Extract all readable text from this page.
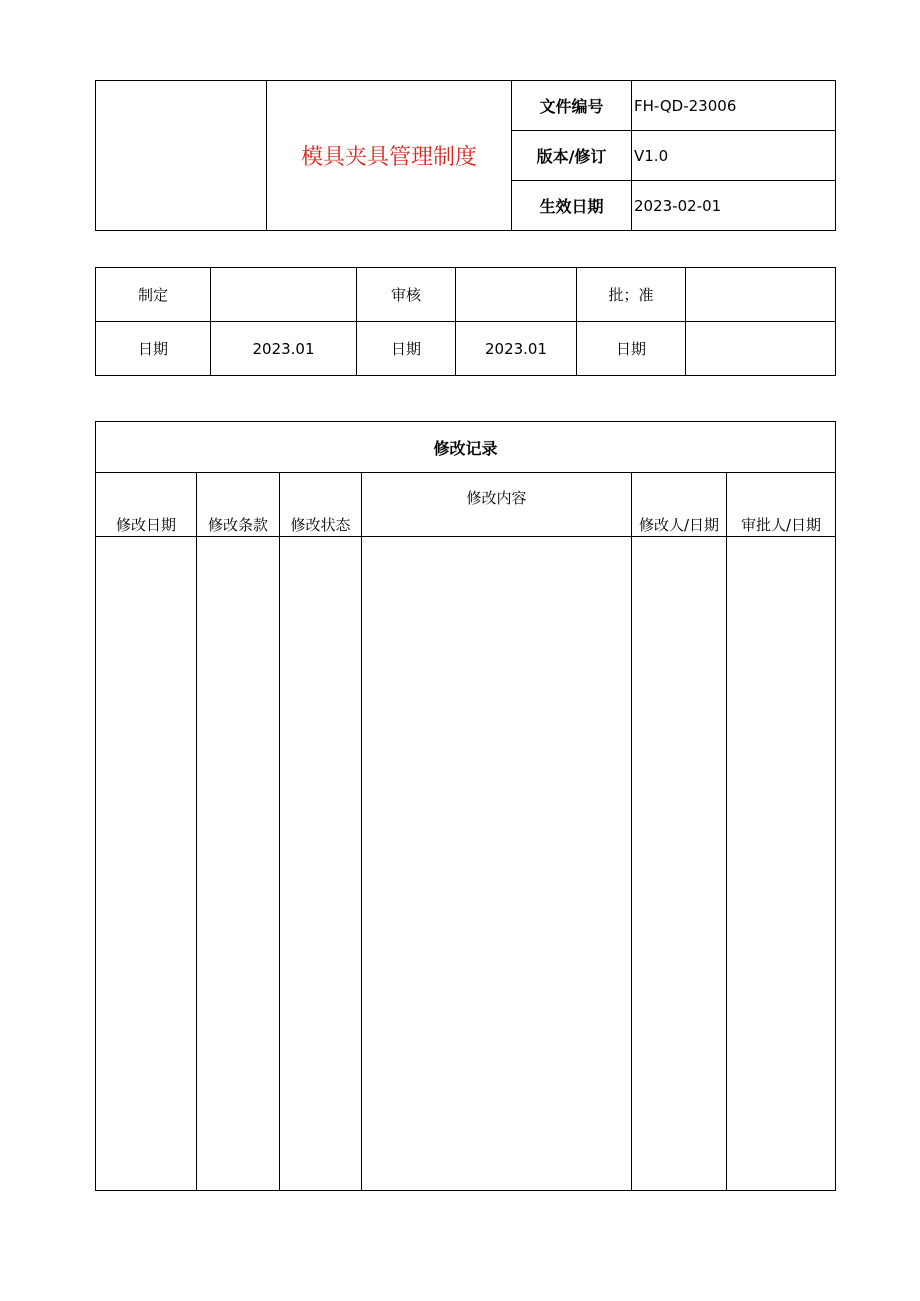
	模具夹具管理制度	文件编号	FH-QD-23006
		版本/修订	V1.0
		生效日期	2023-02-01
制定		审核		批；准	
日期	2023.01	日期	2023.01	日期	
修改记录					
修改日期	修改条款	修改状态	修改内容	修改人/日期	审批人/日期
